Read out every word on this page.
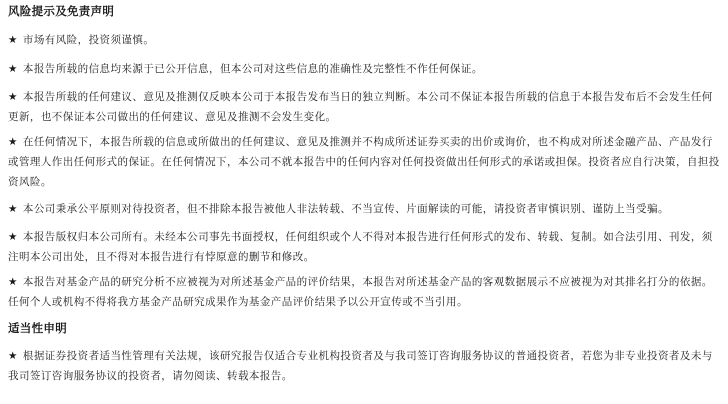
风险提示及免责声明
★ 市场有风险，投资须谨慎。
★ 本报告所载的信息均来源于已公开信息，但本公司对这些信息的准确性及完整性不作任何保证。
★ 本报告所载的任何建议、意见及推测仅反映本公司于本报告发布当日的独立判断。本公司不保证本报告所载的信息于本报告发布后不会发生任何更新，也不保证本公司做出的任何建议、意见及推测不会发生变化。
★ 在任何情况下，本报告所载的信息或所做出的任何建议、意见及推测并不构成所述证券买卖的出价或询价，也不构成对所述金融产品、产品发行或管理人作出任何形式的保证。在任何情况下，本公司不就本报告中的任何内容对任何投资做出任何形式的承诺或担保。投资者应自行决策，自担投资风险。
★ 本公司秉承公平原则对待投资者，但不排除本报告被他人非法转载、不当宣传、片面解读的可能，请投资者审慎识别、谨防上当受骗。
★ 本报告版权归本公司所有。未经本公司事先书面授权，任何组织或个人不得对本报告进行任何形式的发布、转载、复制。如合法引用、刊发，须注明本公司出处，且不得对本报告进行有悖原意的删节和修改。
★ 本报告对基金产品的研究分析不应被视为对所述基金产品的评价结果，本报告对所述基金产品的客观数据展示不应被视为对其排名打分的依据。任何个人或机构不得将我方基金产品研究成果作为基金产品评价结果予以公开宣传或不当引用。
适当性申明
★ 根据证券投资者适当性管理有关法规，该研究报告仅适合专业机构投资者及与我司签订咨询服务协议的普通投资者，若您为非专业投资者及未与我司签订咨询服务协议的投资者，请勿阅读、转载本报告。
